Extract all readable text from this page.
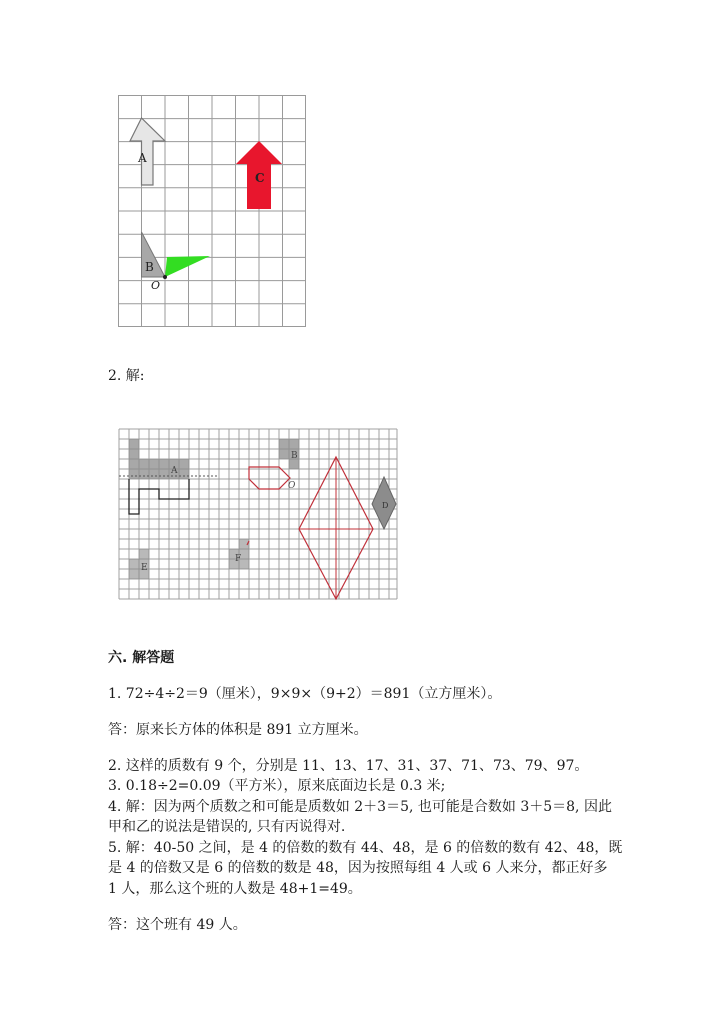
A
C
B
O
2. 解:
A
B
O
D
E
F
六. 解答题
1. 72÷4÷2＝9（厘米），9×9×（9+2）＝891（立方厘米）。
答：原来长方体的体积是 891 立方厘米。
2. 这样的质数有 9 个，分别是 11、13、17、31、37、71、73、79、97。
3. 0.18÷2=0.09（平方米），原来底面边长是 0.3 米;
4. 解：因为两个质数之和可能是质数如 2＋3＝5, 也可能是合数如 3＋5＝8, 因此
甲和乙的说法是错误的, 只有丙说得对.
5. 解：40-50 之间，是 4 的倍数的数有 44、48，是 6 的倍数的数有 42、48，既
是 4 的倍数又是 6 的倍数的数是 48，因为按照每组 4 人或 6 人来分，都正好多
1 人，那么这个班的人数是 48+1=49。
答：这个班有 49 人。
